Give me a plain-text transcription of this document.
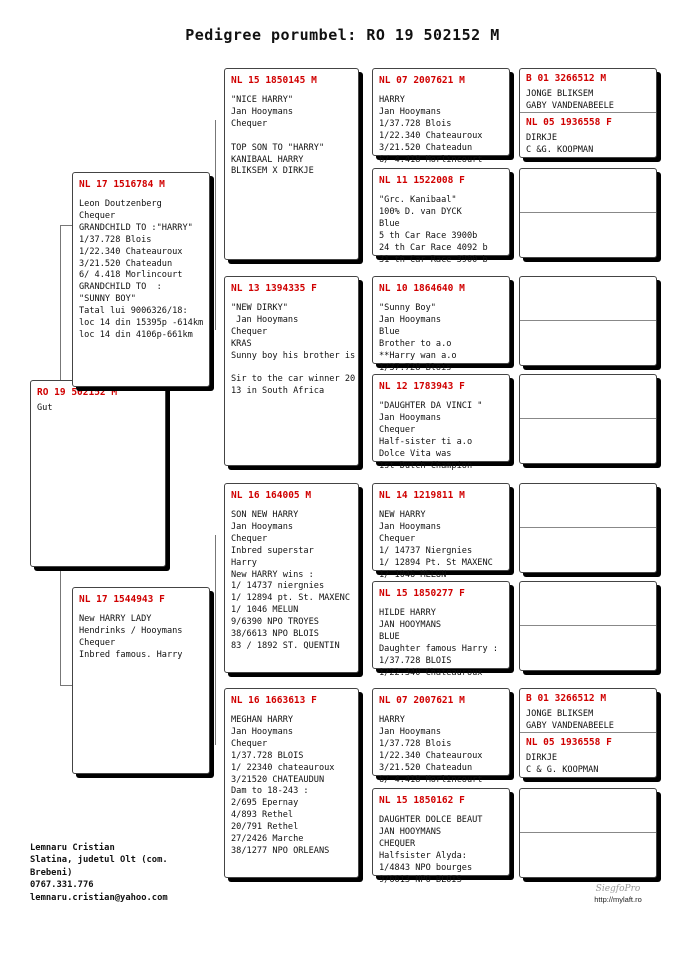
Pedigree porumbel: RO 19 502152 M
RO 19 502152 M
Gut
NL 17 1516784 M
Leon Doutzenberg
Chequer
GRANDCHILD TO :"HARRY"
1/37.728 Blois
1/22.340 Chateauroux
3/21.520 Chateadun
6/ 4.418 Morlincourt
GRANDCHILD TO  :
"SUNNY BOY"
Tatal lui 9006326/18:
loc 14 din 15395p -614km
loc 14 din 4106p-661km
NL 17 1544943 F
New HARRY LADY
Hendrinks / Hooymans
Chequer
Inbred famous. Harry
NL 15 1850145 M
"NICE HARRY"
Jan Hooymans
Chequer

TOP SON TO "HARRY"
KANIBAAL HARRY
BLIKSEM X DIRKJE
NL 13 1394335 F
"NEW DIRKY"
Jan Hooymans
Chequer
KRAS
Sunny boy his brother is

Sir to the car winner 20
13 in South Africa
NL 16 164005 M
SON NEW HARRY
Jan Hooymans
Chequer
Inbred superstar
Harry
New HARRY wins :
1/ 14737 niergnies
1/ 12894 pt. St. MAXENC
1/ 1046 MELUN
9/6390 NPO TROYES
38/6613 NPO BLOIS
83 / 1892 ST. QUENTIN
NL 16 1663613 F
MEGHAN HARRY
Jan Hooymans
Chequer
1/37.728 BLOIS
1/ 22340 chateauroux
3/21520 CHATEAUDUN
Dam to 18-243 :
2/695 Epernay
4/893 Rethel
20/791 Rethel
27/2426 Marche
38/1277 NPO ORLEANS
NL 07 2007621 M
HARRY
Jan Hooymans
1/37.728 Blois
1/22.340 Chateauroux
3/21.520 Chateadun
6/ 4.418 Morlincourt
NL 11 1522008 F
"Grc. Kanibaal"
100% D. van DYCK
Blue
5 th Car Race 3900b
24 th Car Race 4092 b
31 th Car Race 3900 b
NL 10 1864640 M
"Sunny Boy"
Jan Hooymans
Blue
Brother to a.o
**Harry wan a.o
1/37.728 Blois
NL 12 1783943 F
"DAUGHTER DA VINCI "
Jan Hooymans
Chequer
Half-sister ti a.o
Dolce Vita was
1st Dutch Champion
NL 14 1219811 M
NEW HARRY
Jan Hooymans
Chequer
1/ 14737 Niergnies
1/ 12894 Pt. St MAXENC
1/ 1046 MELUN
NL 15 1850277 F
HILDE HARRY
JAN HOOYMANS
BLUE
Daughter famous Harry :
1/37.728 BLOIS
1/22.340 Chateauroux
NL 07 2007621 M
HARRY
Jan Hooymans
1/37.728 Blois
1/22.340 Chateauroux
3/21.520 Chateadun
6/ 4.418 Morlincourt
NL 15 1850162 F
DAUGHTER DOLCE BEAUT
JAN HOOYMANS
CHEQUER
Halfsister Alyda:
1/4843 NPO bourges
9/6613 NPO BLOIS
B 01 3266512 M
JONGE BLIKSEM
GABY VANDENABEELE
NL 05 1936558 F
DIRKJE
C &G. KOOPMAN
B 01 3266512 M
JONGE BLIKSEM
GABY VANDENABEELE
NL 05 1936558 F
DIRKJE
C & G. KOOPMAN
Lemnaru Cristian
Slatina, judetul Olt (com.
Brebeni)
0767.331.776
lemnaru.cristian@yahoo.com
SiegfoPro
http://mylaft.ro
